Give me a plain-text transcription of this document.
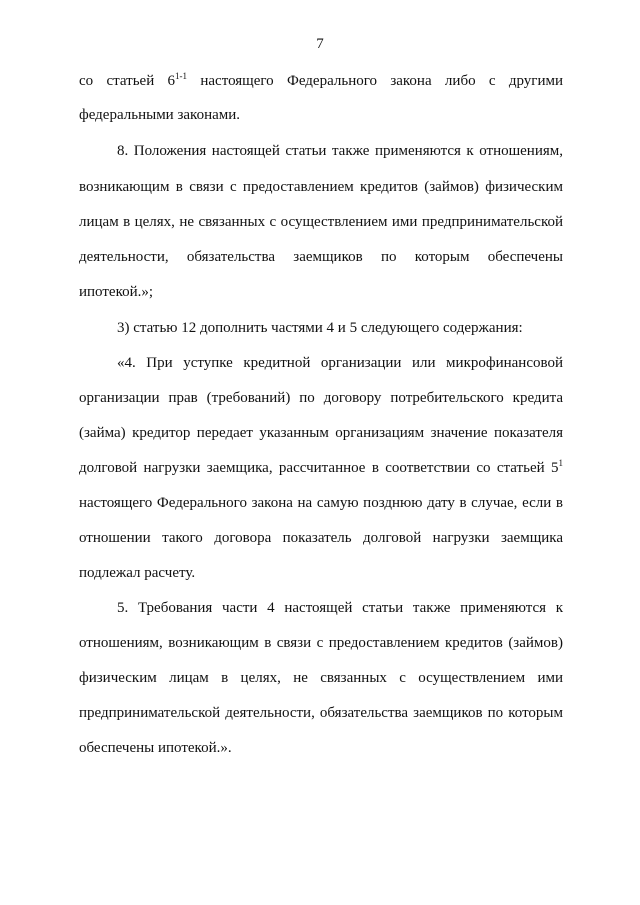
7
со статьей 6$^{1-1}$ настоящего Федерального закона либо с другими
федеральными законами.
8. Положения настоящей статьи также применяются к отношениям,
возникающим в связи с предоставлением кредитов (займов) физическим
лицам в целях, не связанных с осуществлением ими предпринимательской
деятельности, обязательства заемщиков по которым обеспечены
ипотекой.»;
3) статью 12 дополнить частями 4 и 5 следующего содержания:
«4. При уступке кредитной организации или микрофинансовой
организации прав (требований) по договору потребительского кредита
(займа) кредитор передает указанным организациям значение показателя
долговой нагрузки заемщика, рассчитанное в соответствии со статьей $5^1$
настоящего Федерального закона на самую позднюю дату в случае, если в
отношении такого договора показатель долговой нагрузки заемщика
подлежал расчету.
5. Требования части 4 настоящей статьи также применяются к
отношениям, возникающим в связи с предоставлением кредитов (займов)
физическим лицам в целях, не связанных с осуществлением ими
предпринимательской деятельности, обязательства заемщиков по которым
обеспечены ипотекой.».
